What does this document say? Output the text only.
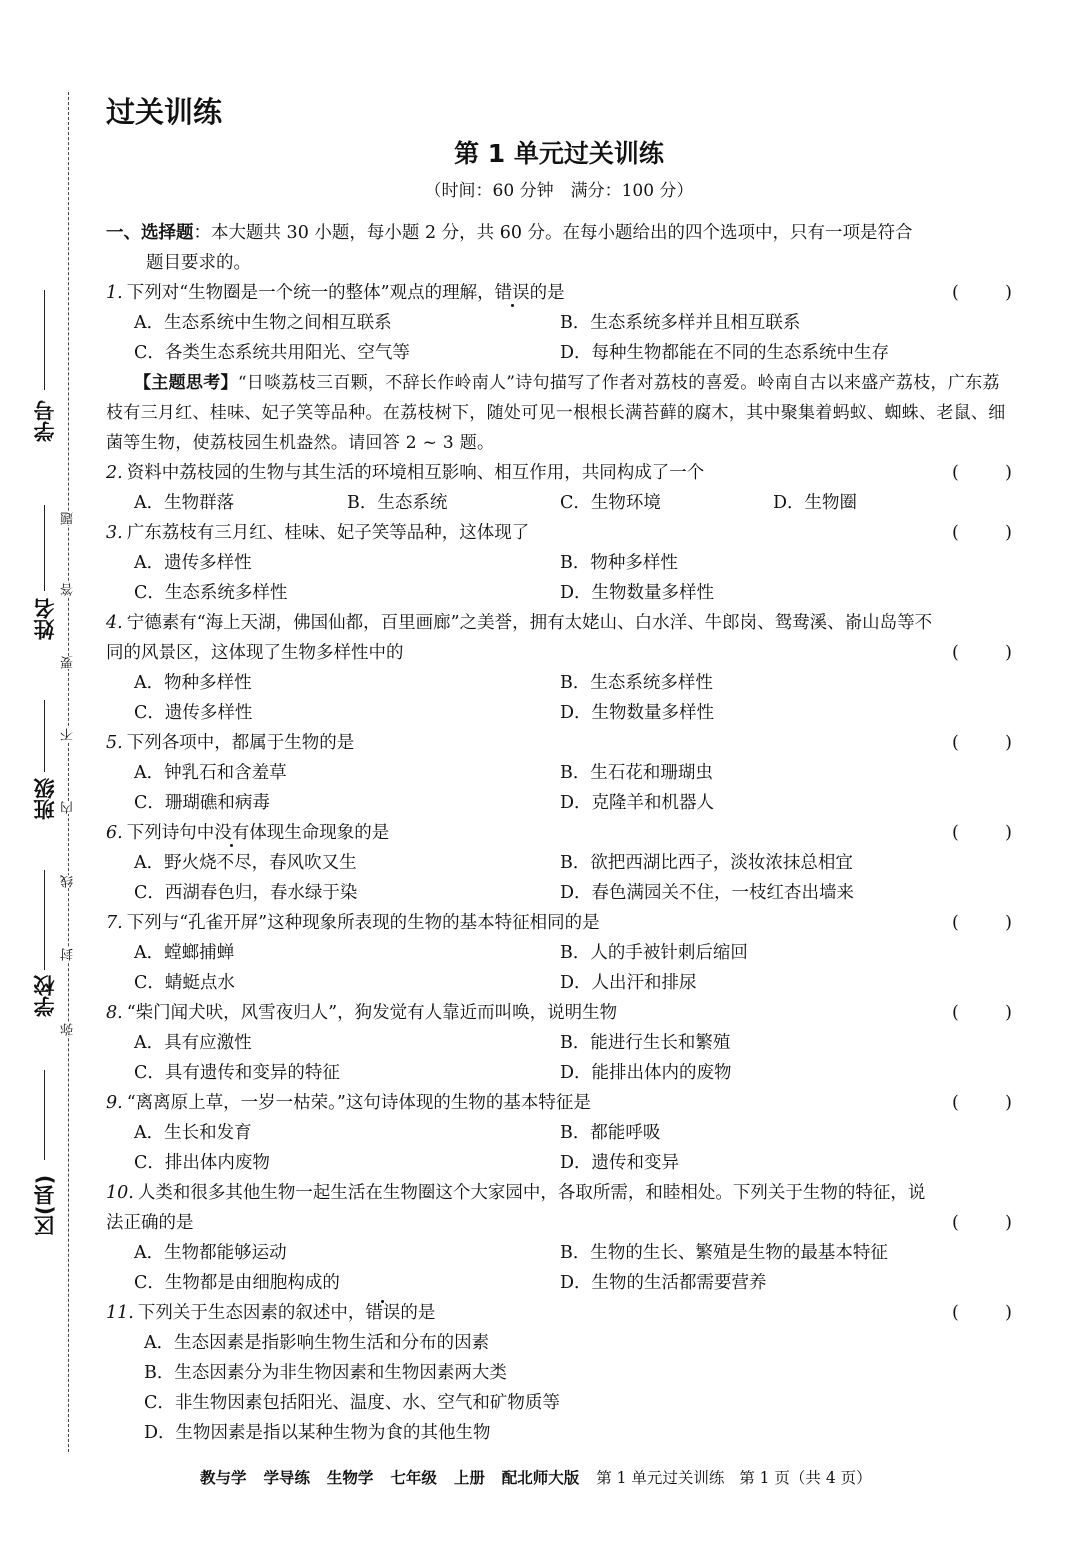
学号
姓名
班级
学校
区(县)
题
答
要
不
内
线
封
弥
过关训练
第 1 单元过关训练
（时间：60 分钟　满分：100 分）
一、选择题：本大题共 30 小题，每小题 2 分，共 60 分。在每小题给出的四个选项中，只有一项是符合
题目要求的。
1. 下列对“生物圈是一个统一的整体”观点的理解，错误的是	(	)
A．生态系统中生物之间相互联系	B．生态系统多样并且相互联系
C．各类生态系统共用阳光、空气等	D．每种生物都能在不同的生态系统中生存
【主题思考】“日啖荔枝三百颗，不辞长作岭南人”诗句描写了作者对荔枝的喜爱。岭南自古以来盛产荔枝，广东荔枝有三月红、桂味、妃子笑等品种。在荔枝树下，随处可见一根根长满苔藓的腐木，其中聚集着蚂蚁、蜘蛛、老鼠、细菌等生物，使荔枝园生机盎然。请回答 2 ~ 3 题。
2. 资料中荔枝园的生物与其生活的环境相互影响、相互作用，共同构成了一个	(	)
A．生物群落	B．生态系统	C．生物环境	D．生物圈
3. 广东荔枝有三月红、桂味、妃子笑等品种，这体现了	(	)
A．遗传多样性	B．物种多样性
C．生态系统多样性	D．生物数量多样性
4. 宁德素有“海上天湖，佛国仙都，百里画廊”之美誉，拥有太姥山、白水洋、牛郎岗、鸳鸯溪、嵛山岛等不同的风景区，这体现了生物多样性中的	(	)
A．物种多样性	B．生态系统多样性
C．遗传多样性	D．生物数量多样性
5. 下列各项中，都属于生物的是	(	)
A．钟乳石和含羞草	B．生石花和珊瑚虫
C．珊瑚礁和病毒	D．克隆羊和机器人
6. 下列诗句中没有体现生命现象的是	(	)
A．野火烧不尽，春风吹又生	B．欲把西湖比西子，淡妆浓抹总相宜
C．西湖春色归，春水绿于染	D．春色满园关不住，一枝红杏出墙来
7. 下列与“孔雀开屏”这种现象所表现的生物的基本特征相同的是	(	)
A．螳螂捕蝉	B．人的手被针刺后缩回
C．蜻蜓点水	D．人出汗和排尿
8. “柴门闻犬吠，风雪夜归人”，狗发觉有人靠近而叫唤，说明生物	(	)
A．具有应激性	B．能进行生长和繁殖
C．具有遗传和变异的特征	D．能排出体内的废物
9. “离离原上草，一岁一枯荣。”这句诗体现的生物的基本特征是	(	)
A．生长和发育	B．都能呼吸
C．排出体内废物	D．遗传和变异
10. 人类和很多其他生物一起生活在生物圈这个大家园中，各取所需，和睦相处。下列关于生物的特征，说法正确的是	(	)
A．生物都能够运动	B．生物的生长、繁殖是生物的最基本特征
C．生物都是由细胞构成的	D．生物的生活都需要营养
11. 下列关于生态因素的叙述中，错误的是	(	)
A．生态因素是指影响生物生活和分布的因素
B．生态因素分为非生物因素和生物因素两大类
C．非生物因素包括阳光、温度、水、空气和矿物质等
D．生物因素是指以某种生物为食的其他生物
教与学 学导练 生物学 七年级 上册 配北师大版 第 1 单元过关训练 第 1 页（共 4 页）
